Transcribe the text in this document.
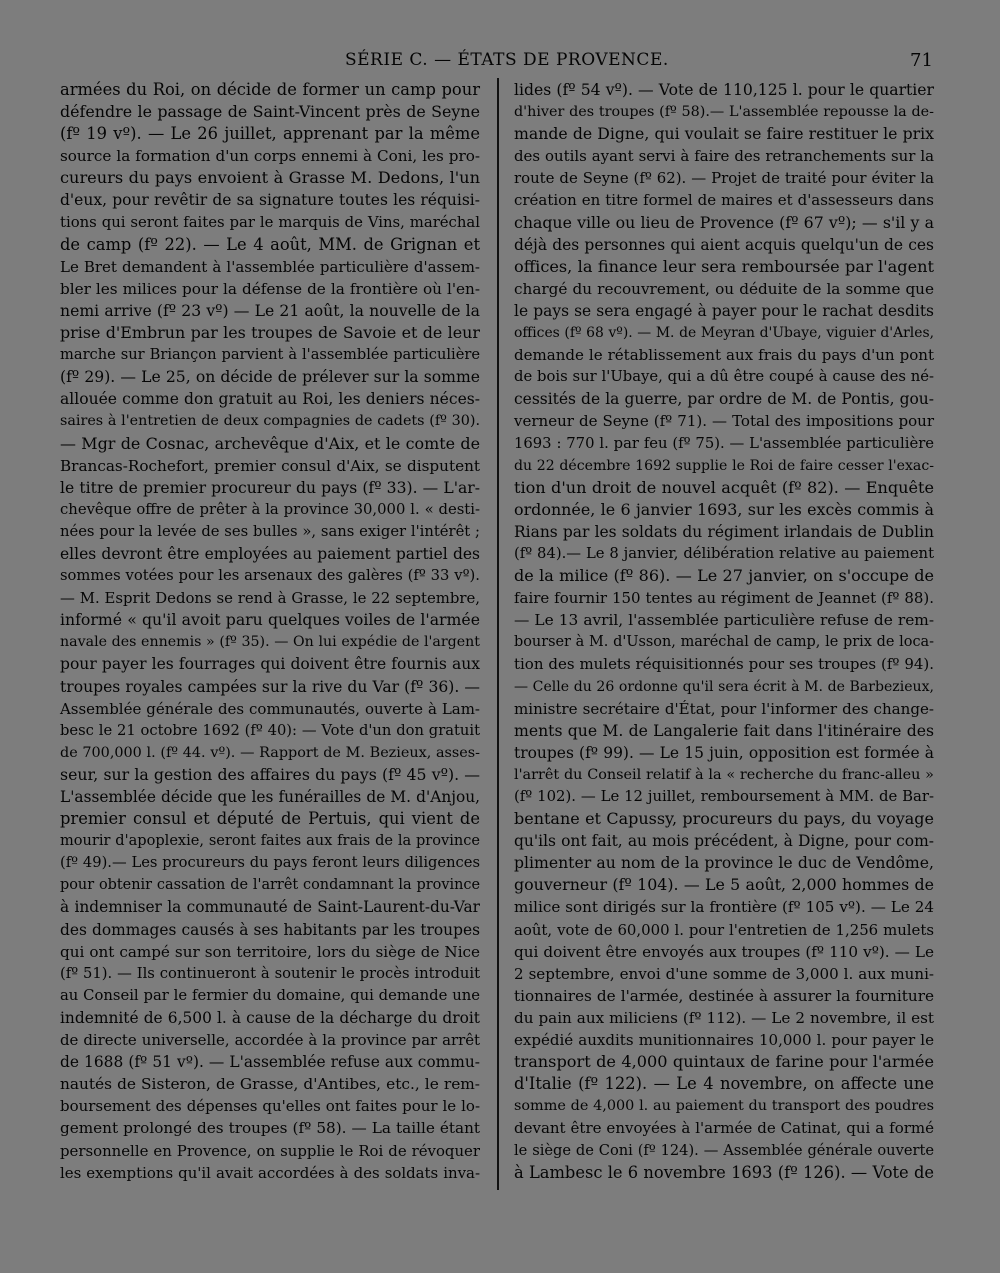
SÉRIE C. — ÉTATS DE PROVENCE.	71
armées du Roi, on décide de former un camp pour
défendre le passage de Saint-Vincent près de Seyne
(fº 19 vº). — Le 26 juillet, apprenant par la même
source la formation d'un corps ennemi à Coni, les pro-
cureurs du pays envoient à Grasse M. Dedons, l'un
d'eux, pour revêtir de sa signature toutes les réquisi-
tions qui seront faites par le marquis de Vins, maréchal
de camp (fº 22). — Le 4 août, MM. de Grignan et
Le Bret demandent à l'assemblée particulière d'assem-
bler les milices pour la défense de la frontière où l'en-
nemi arrive (fº 23 vº) — Le 21 août, la nouvelle de la
prise d'Embrun par les troupes de Savoie et de leur
marche sur Briançon parvient à l'assemblée particulière
(fº 29). — Le 25, on décide de prélever sur la somme
allouée comme don gratuit au Roi, les deniers néces-
saires à l'entretien de deux compagnies de cadets (fº 30).
— Mgr de Cosnac, archevêque d'Aix, et le comte de
Brancas-Rochefort, premier consul d'Aix, se disputent
le titre de premier procureur du pays (fº 33). — L'ar-
chevêque offre de prêter à la province 30,000 l. « desti-
nées pour la levée de ses bulles », sans exiger l'intérêt ;
elles devront être employées au paiement partiel des
sommes votées pour les arsenaux des galères (fº 33 vº).
— M. Esprit Dedons se rend à Grasse, le 22 septembre,
informé « qu'il avoit paru quelques voiles de l'armée
navale des ennemis » (fº 35). — On lui expédie de l'argent
pour payer les fourrages qui doivent être fournis aux
troupes royales campées sur la rive du Var (fº 36). —
Assemblée générale des communautés, ouverte à Lam-
besc le 21 octobre 1692 (fº 40): — Vote d'un don gratuit
de 700,000 l. (fº 44. vº). — Rapport de M. Bezieux, asses-
seur, sur la gestion des affaires du pays (fº 45 vº). —
L'assemblée décide que les funérailles de M. d'Anjou,
premier consul et député de Pertuis, qui vient de
mourir d'apoplexie, seront faites aux frais de la province
(fº 49).— Les procureurs du pays feront leurs diligences
pour obtenir cassation de l'arrêt condamnant la province
à indemniser la communauté de Saint-Laurent-du-Var
des dommages causés à ses habitants par les troupes
qui ont campé sur son territoire, lors du siège de Nice
(fº 51). — Ils continueront à soutenir le procès introduit
au Conseil par le fermier du domaine, qui demande une
indemnité de 6,500 l. à cause de la décharge du droit
de directe universelle, accordée à la province par arrêt
de 1688 (fº 51 vº). — L'assemblée refuse aux commu-
nautés de Sisteron, de Grasse, d'Antibes, etc., le rem-
boursement des dépenses qu'elles ont faites pour le lo-
gement prolongé des troupes (fº 58). — La taille étant
personnelle en Provence, on supplie le Roi de révoquer
les exemptions qu'il avait accordées à des soldats inva-
lides (fº 54 vº). — Vote de 110,125 l. pour le quartier
d'hiver des troupes (fº 58).— L'assemblée repousse la de-
mande de Digne, qui voulait se faire restituer le prix
des outils ayant servi à faire des retranchements sur la
route de Seyne (fº 62). — Projet de traité pour éviter la
création en titre formel de maires et d'assesseurs dans
chaque ville ou lieu de Provence (fº 67 vº); — s'il y a
déjà des personnes qui aient acquis quelqu'un de ces
offices, la finance leur sera remboursée par l'agent
chargé du recouvrement, ou déduite de la somme que
le pays se sera engagé à payer pour le rachat desdits
offices (fº 68 vº). — M. de Meyran d'Ubaye, viguier d'Arles,
demande le rétablissement aux frais du pays d'un pont
de bois sur l'Ubaye, qui a dû être coupé à cause des né-
cessités de la guerre, par ordre de M. de Pontis, gou-
verneur de Seyne (fº 71). — Total des impositions pour
1693 : 770 l. par feu (fº 75). — L'assemblée particulière
du 22 décembre 1692 supplie le Roi de faire cesser l'exac-
tion d'un droit de nouvel acquêt (fº 82). — Enquête
ordonnée, le 6 janvier 1693, sur les excès commis à
Rians par les soldats du régiment irlandais de Dublin
(fº 84).— Le 8 janvier, délibération relative au paiement
de la milice (fº 86). — Le 27 janvier, on s'occupe de
faire fournir 150 tentes au régiment de Jeannet (fº 88).
— Le 13 avril, l'assemblée particulière refuse de rem-
bourser à M. d'Usson, maréchal de camp, le prix de loca-
tion des mulets réquisitionnés pour ses troupes (fº 94).
— Celle du 26 ordonne qu'il sera écrit à M. de Barbezieux,
ministre secrétaire d'État, pour l'informer des change-
ments que M. de Langalerie fait dans l'itinéraire des
troupes (fº 99). — Le 15 juin, opposition est formée à
l'arrêt du Conseil relatif à la « recherche du franc-alleu »
(fº 102). — Le 12 juillet, remboursement à MM. de Bar-
bentane et Capussy, procureurs du pays, du voyage
qu'ils ont fait, au mois précédent, à Digne, pour com-
plimenter au nom de la province le duc de Vendôme,
gouverneur (fº 104). — Le 5 août, 2,000 hommes de
milice sont dirigés sur la frontière (fº 105 vº). — Le 24
août, vote de 60,000 l. pour l'entretien de 1,256 mulets
qui doivent être envoyés aux troupes (fº 110 vº). — Le
2 septembre, envoi d'une somme de 3,000 l. aux muni-
tionnaires de l'armée, destinée à assurer la fourniture
du pain aux miliciens (fº 112). — Le 2 novembre, il est
expédié auxdits munitionnaires 10,000 l. pour payer le
transport de 4,000 quintaux de farine pour l'armée
d'Italie (fº 122). — Le 4 novembre, on affecte une
somme de 4,000 l. au paiement du transport des poudres
devant être envoyées à l'armée de Catinat, qui a formé
le siège de Coni (fº 124). — Assemblée générale ouverte
à Lambesc le 6 novembre 1693 (fº 126). — Vote de
